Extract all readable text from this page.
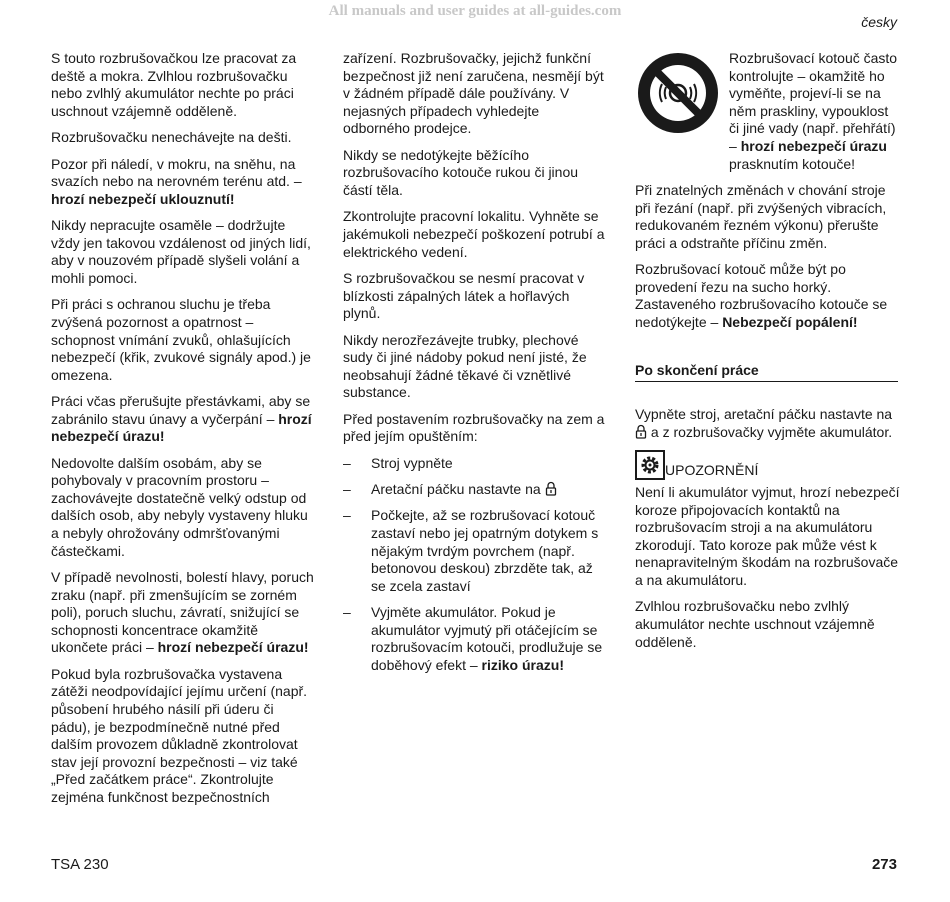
All manuals and user guides at all-guides.com
česky

S touto rozbrušovačkou lze pracovat za deště a mokra. Zvlhlou rozbrušovačku nebo zvlhlý akumulátor nechte po práci uschnout vzájemně odděleně.

Rozbrušovačku nenechávejte na dešti.

Pozor při náledí, v mokru, na sněhu, na svazích nebo na nerovném terénu atd. – hrozí nebezpečí uklouznutí!

Nikdy nepracujte osaměle – dodržujte vždy jen takovou vzdálenost od jiných lidí, aby v nouzovém případě slyšeli volání a mohli pomoci.

Při práci s ochranou sluchu je třeba zvýšená pozornost a opatrnost – schopnost vnímání zvuků, ohlašujících nebezpečí (křik, zvukové signály apod.) je omezena.

Práci včas přerušujte přestávkami, aby se zabránilo stavu únavy a vyčerpání – hrozí nebezpečí úrazu!

Nedovolte dalším osobám, aby se pohybovaly v pracovním prostoru – zachovávejte dostatečně velký odstup od dalších osob, aby nebyly vystaveny hluku a nebyly ohrožovány odmršťovanými částečkami.

V případě nevolnosti, bolestí hlavy, poruch zraku (např. při zmenšujícím se zorném poli), poruch sluchu, závratí, snižující se schopnosti koncentrace okamžitě ukončete práci – hrozí nebezpečí úrazu!

Pokud byla rozbrušovačka vystavena zátěži neodpovídající jejímu určení (např. působení hrubého násilí při úderu či pádu), je bezpodmínečně nutné před dalším provozem důkladně zkontrolovat stav její provozní bezpečnosti – viz také „Před začátkem práce“. Zkontrolujte zejména funkčnost bezpečnostních

zařízení. Rozbrušovačky, jejichž funkční bezpečnost již není zaručena, nesmějí být v žádném případě dále používány. V nejasných případech vyhledejte odborného prodejce.

Nikdy se nedotýkejte běžícího rozbrušovacího kotouče rukou či jinou částí těla.

Zkontrolujte pracovní lokalitu. Vyhněte se jakémukoli nebezpečí poškození potrubí a elektrického vedení.

S rozbrušovačkou se nesmí pracovat v blízkosti zápalných látek a hořlavých plynů.

Nikdy nerozřezávejte trubky, plechové sudy či jiné nádoby pokud není jisté, že neobsahují žádné těkavé či vznětlivé substance.

Před postavením rozbrušovačky na zem a před jejím opuštěním:

–	Stroj vypněte
–	Aretační páčku nastavte na
–	Počkejte, až se rozbrušovací kotouč zastaví nebo jej opatrným dotykem s nějakým tvrdým povrchem (např. betonovou deskou) zbrzděte tak, až se zcela zastaví
–	Vyjměte akumulátor. Pokud je akumulátor vyjmutý při otáčejícím se rozbrušovacím kotouči, prodlužuje se doběhový efekt – riziko úrazu!
Rozbrušovací kotouč často kontrolujte – okamžitě ho vyměňte, projeví-li se na něm praskliny, vypouklost či jiné vady (např. přehřátí) – hrozí nebezpečí úrazu prasknutím kotouče!

Při znatelných změnách v chování stroje při řezání (např. při zvýšených vibracích, redukovaném řezném výkonu) přerušte práci a odstraňte příčinu změn.

Rozbrušovací kotouč může být po provedení řezu na sucho horký. Zastaveného rozbrušovacího kotouče se nedotýkejte – Nebezpečí popálení!

Po skončení práce

Vypněte stroj, aretační páčku nastavte na  a z rozbrušovačky vyjměte akumulátor.

UPOZORNĚNÍ

Není li akumulátor vyjmut, hrozí nebezpečí koroze připojovacích kontaktů na rozbrušovacím stroji a na akumulátoru zkorodují. Tato koroze pak může vést k nenapravitelným škodám na rozbrušovače a na akumulátoru.

Zvlhlou rozbrušovačku nebo zvlhlý akumulátor nechte uschnout vzájemně odděleně.

TSA 230	273
